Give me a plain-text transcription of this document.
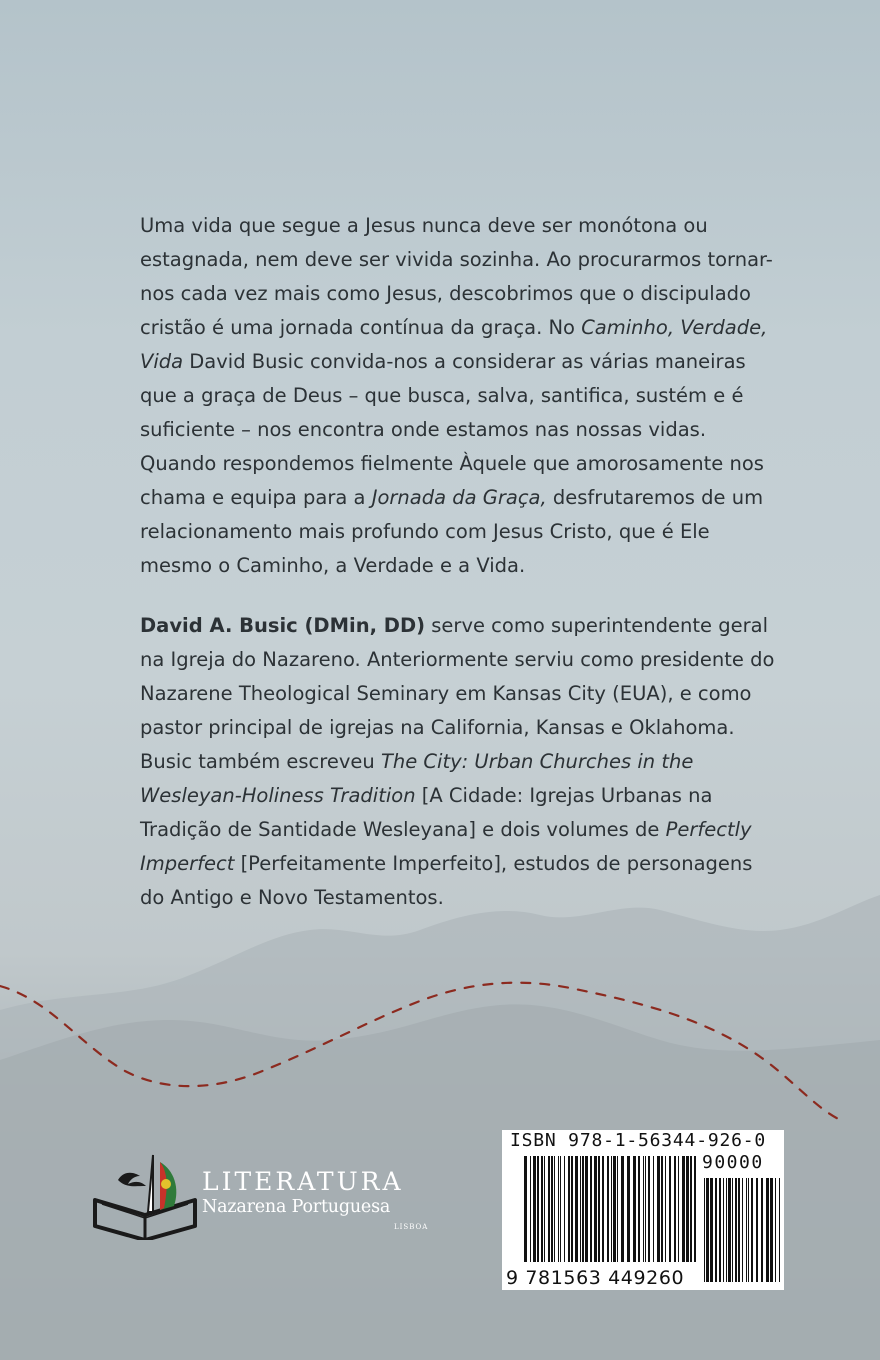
Uma vida que segue a Jesus nunca deve ser monótona ou estagnada, nem deve ser vivida sozinha. Ao procurarmos tornar-nos cada vez mais como Jesus, descobrimos que o discipulado cristão é uma jornada contínua da graça. No Caminho, Verdade, Vida David Busic convida-nos a considerar as várias maneiras que a graça de Deus – que busca, salva, santifica, sustém e é suficiente – nos encontra onde estamos nas nossas vidas. Quando respondemos fielmente Àquele que amorosamente nos chama e equipa para a Jornada da Graça, desfrutaremos de um relacionamento mais profundo com Jesus Cristo, que é Ele mesmo o Caminho, a Verdade e a Vida.

David A. Busic (DMin, DD) serve como superintendente geral na Igreja do Nazareno. Anteriormente serviu como presidente do Nazarene Theological Seminary em Kansas City (EUA), e como pastor principal de igrejas na California, Kansas e Oklahoma. Busic também escreveu The City: Urban Churches in the Wesleyan-Holiness Tradition [A Cidade: Igrejas Urbanas na Tradição de Santidade Wesleyana] e dois volumes de Perfectly Imperfect [Perfeitamente Imperfeito], estudos de personagens do Antigo e Novo Testamentos.

LITERATURA
Nazarena Portuguesa
LISBOA
ISBN 978-1-56344-926-0
90000
9 781563 449260
